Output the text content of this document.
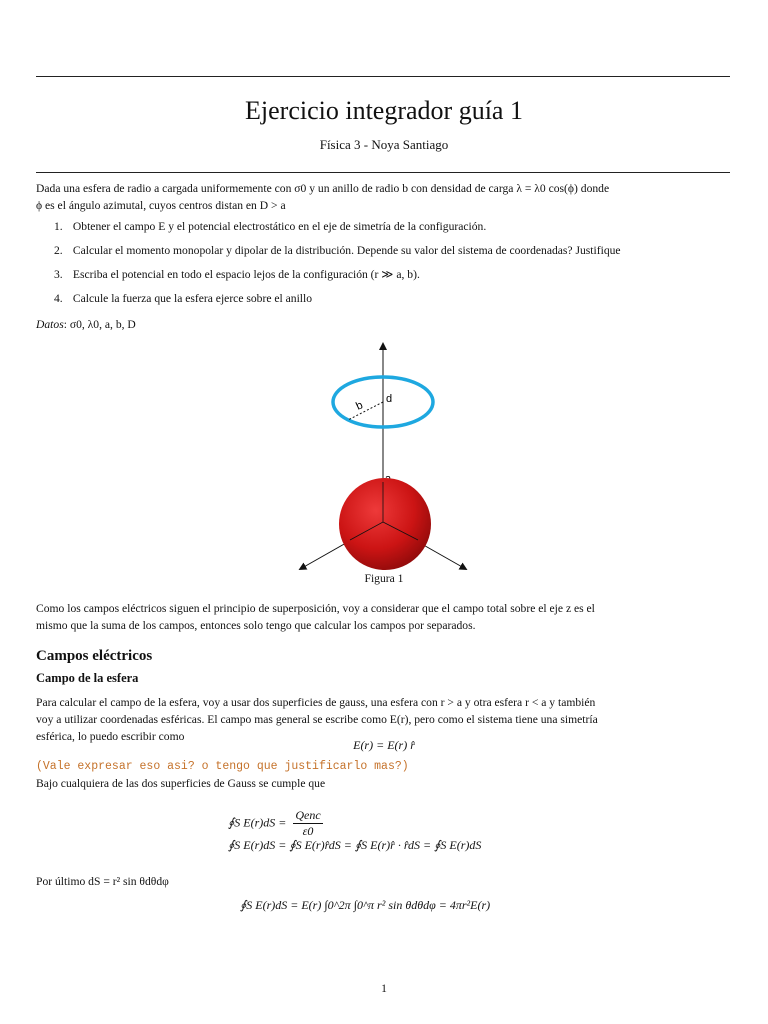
Ejercicio integrador guía 1
Física 3 - Noya Santiago
Dada una esfera de radio a cargada uniformemente con σ0 y un anillo de radio b con densidad de carga λ = λ0 cos(ϕ) donde
ϕ es el ángulo azimutal, cuyos centros distan en D > a
1. Obtener el campo E y el potencial electrostático en el eje de simetría de la configuración.
2. Calcular el momento monopolar y dipolar de la distribución. Depende su valor del sistema de coordenadas? Justifique
3. Escriba el potencial en todo el espacio lejos de la configuración (r ≫ a, b).
4. Calcule la fuerza que la esfera ejerce sobre el anillo
Datos: σ0, λ0, a, b, D
b
d
Figura 1
Como los campos eléctricos siguen el principio de superposición, voy a considerar que el campo total sobre el eje z es el
mismo que la suma de los campos, entonces solo tengo que calcular los campos por separados.
Campos eléctricos
Campo de la esfera
Para calcular el campo de la esfera, voy a usar dos superficies de gauss, una esfera con r > a y otra esfera r < a y también
voy a utilizar coordenadas esféricas. El campo mas general se escribe como E(r), pero como el sistema tiene una simetría
esférica, lo puedo escribir como
E(r) = E(r) r̂
(Vale expresar eso asi? o tengo que justificarlo mas?)
Bajo cualquiera de las dos superficies de Gauss se cumple que
∮S E(r)dS =
Qenc
ε0
∮S E(r)dS = ∮S E(r)r̂dS = ∮S E(r)r̂ · r̂dS = ∮S E(r)dS
Por último dS = r² sin θdθdφ
∮S E(r)dS = E(r) ∫0^2π ∫0^π r² sin θdθdφ = 4πr²E(r)
1
